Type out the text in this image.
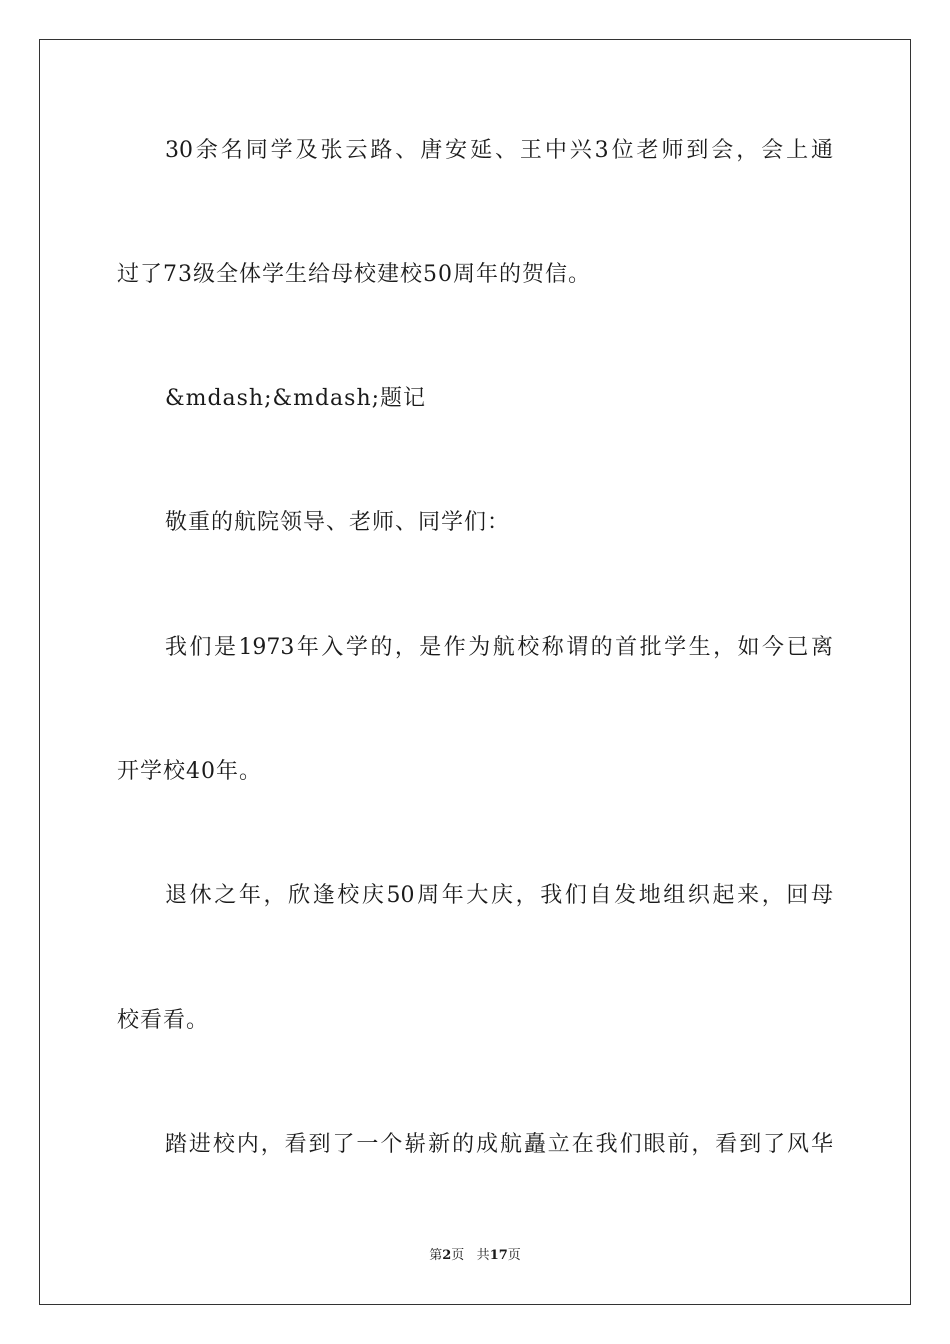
30余名同学及张云路、唐安延、王中兴3位老师到会，会上通
过了73级全体学生给母校建校50周年的贺信。
&mdash;&mdash;题记
敬重的航院领导、老师、同学们：
我们是1973年入学的，是作为航校称谓的首批学生，如今已离
开学校40年。
退休之年，欣逢校庆50周年大庆，我们自发地组织起来，回母
校看看。
踏进校内，看到了一个崭新的成航矗立在我们眼前，看到了风华
第2页 共17页
